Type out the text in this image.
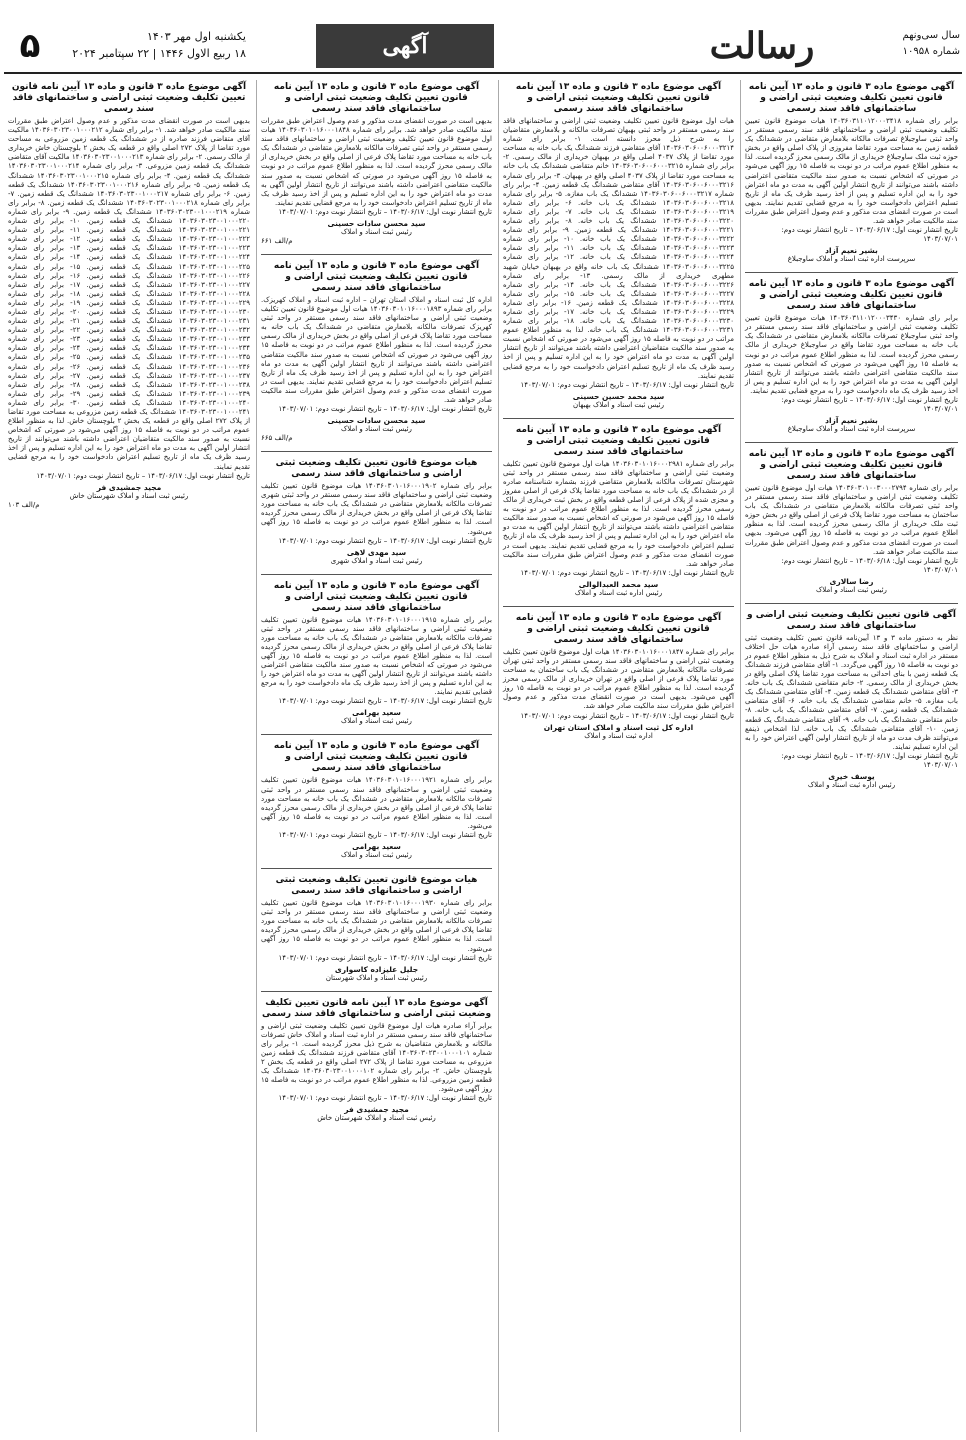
۵	یکشنبه اول مهر ۱۴۰۳
۱۸ ربیع الاول ۱۴۴۶ | ۲۲ سپتامبر ۲۰۲۴	آگهی	رسالت	سال سی‌ونهم
شماره ۱۰۹۵۸
آگهی موضوع ماده ۳ قانون و ماده ۱۳ آیین نامه قانون تعیین تکلیف وضعیت ثبتی اراضی و ساختمانهای فاقد سند رسمی

برابر رای شماره ۱۴۰۳۶۰۳۱۱۰۱۲۰۰۰۳۴۱۸ هیات موضوع قانون تعیین تکلیف وضعیت ثبتی اراضی و ساختمانهای فاقد سند رسمی مستقر در واحد ثبتی ساوجبلاغ تصرفات مالکانه بلامعارض متقاضی در ششدانگ یک قطعه زمین به مساحت مورد تقاضا مفروزی از پلاک اصلی واقع در بخش حوزه ثبت ملک ساوجبلاغ خریداری از مالک رسمی محرز گردیده است. لذا به منظور اطلاع عموم مراتب در دو نوبت به فاصله ۱۵ روز آگهی می‌شود در صورتی که اشخاص نسبت به صدور سند مالکیت متقاضی اعتراضی داشته باشند می‌توانند از تاریخ انتشار اولین آگهی به مدت دو ماه اعتراض خود را به این اداره تسلیم و پس از اخذ رسید ظرف یک ماه از تاریخ تسلیم اعتراض دادخواست خود را به مرجع قضایی تقدیم نمایند. بدیهی است در صورت انقضای مدت مذکور و عدم وصول اعتراض طبق مقررات سند مالکیت صادر خواهد شد.

تاریخ انتشار نوبت اول: ۱۴۰۳/۰۶/۱۷ – تاریخ انتشار نوبت دوم: ۱۴۰۳/۰۷/۰۱
بشیر نعیم آزاد
سرپرست اداره ثبت اسناد و املاک ساوجبلاغ
آگهی موضوع ماده ۳ قانون و ماده ۱۳ آیین نامه قانون تعیین تکلیف وضعیت ثبتی اراضی و ساختمانهای فاقد سند رسمی

برابر رای شماره ۱۴۰۳۶۰۳۱۱۰۱۲۰۰۰۳۴۳۰ هیات موضوع قانون تعیین تکلیف وضعیت ثبتی اراضی و ساختمانهای فاقد سند رسمی مستقر در واحد ثبتی ساوجبلاغ تصرفات مالکانه بلامعارض متقاضی در ششدانگ یک باب خانه به مساحت مورد تقاضا واقع در ساوجبلاغ خریداری از مالک رسمی محرز گردیده است. لذا به منظور اطلاع عموم مراتب در دو نوبت به فاصله ۱۵ روز آگهی می‌شود در صورتی که اشخاص نسبت به صدور سند مالکیت متقاضی اعتراضی داشته باشند می‌توانند از تاریخ انتشار اولین آگهی به مدت دو ماه اعتراض خود را به این اداره تسلیم و پس از اخذ رسید ظرف یک ماه دادخواست خود را به مرجع قضایی تقدیم نمایند.

تاریخ انتشار نوبت اول: ۱۴۰۳/۰۶/۱۷ – تاریخ انتشار نوبت دوم: ۱۴۰۳/۰۷/۰۱
بشیر نعیم آزاد
سرپرست اداره ثبت اسناد و املاک ساوجبلاغ
آگهی موضوع ماده ۳ قانون و ماده ۱۳ آیین نامه قانون تعیین تکلیف وضعیت ثبتی اراضی و ساختمانهای فاقد سند رسمی

برابر رای شماره ۱۴۰۳۶۰۳۰۱۰۰۳۰۰۰۲۷۹۴ هیات اول موضوع قانون تعیین تکلیف وضعیت ثبتی اراضی و ساختمانهای فاقد سند رسمی مستقر در واحد ثبتی تصرفات مالکانه بلامعارض متقاضی در ششدانگ یک باب ساختمان به مساحت مورد تقاضا پلاک فرعی از اصلی واقع در بخش حوزه ثبت ملک خریداری از مالک رسمی محرز گردیده است. لذا به منظور اطلاع عموم مراتب در دو نوبت به فاصله ۱۵ روز آگهی می‌شود. بدیهی است در صورت انقضای مدت مذکور و عدم وصول اعتراض طبق مقررات سند مالکیت صادر خواهد شد.

تاریخ انتشار نوبت اول: ۱۴۰۳/۰۶/۱۸ – تاریخ انتشار نوبت دوم: ۱۴۰۳/۰۷/۰۱
رضا سالاری
رئیس ثبت اسناد و املاک
آگهی قانون تعیین تکلیف وضعیت ثبتی اراضی و ساختمانهای فاقد سند رسمی

نظر به دستور ماده ۳ و ۱۳ آیین‌نامه قانون تعیین تکلیف وضعیت ثبتی اراضی و ساختمانهای فاقد سند رسمی آراء صادره هیات حل اختلاف مستقر در اداره ثبت اسناد و املاک به شرح ذیل به منظور اطلاع عموم در دو نوبت به فاصله ۱۵ روز آگهی می‌گردد. ۱- آقای متقاضی فرزند ششدانگ یک قطعه زمین با بنای احداثی به مساحت مورد تقاضا پلاک اصلی واقع در بخش خریداری از مالک رسمی. ۲- خانم متقاضی ششدانگ یک باب خانه. ۳- آقای متقاضی ششدانگ یک قطعه زمین. ۴- آقای متقاضی ششدانگ یک باب مغازه. ۵- خانم متقاضی ششدانگ یک باب خانه. ۶- آقای متقاضی ششدانگ یک قطعه زمین. ۷- آقای متقاضی ششدانگ یک باب خانه. ۸- خانم متقاضی ششدانگ یک باب خانه. ۹- آقای متقاضی ششدانگ یک قطعه زمین. ۱۰- آقای متقاضی ششدانگ یک باب خانه. لذا اشخاص ذینفع می‌توانند ظرف مدت دو ماه از تاریخ انتشار اولین آگهی اعتراض خود را به این اداره تسلیم نمایند.

تاریخ انتشار نوبت اول: ۱۴۰۳/۰۶/۱۷ – تاریخ انتشار نوبت دوم: ۱۴۰۳/۰۷/۰۱
یوسف خیری
رئیس اداره ثبت اسناد و املاک
آگهی موضوع ماده ۳ قانون و ماده ۱۳ آیین نامه قانون تعیین تکلیف وضعیت ثبتی اراضی و ساختمانهای فاقد سند رسمی

هیات اول موضوع قانون تعیین تکلیف وضعیت ثبتی اراضی و ساختمانهای فاقد سند رسمی مستقر در واحد ثبتی بهبهان تصرفات مالکانه و بلامعارض متقاضیان را به شرح ذیل محرز دانسته است. ۱- برابر رای شماره ۱۴۰۳۶۰۳۰۶۰۰۶۰۰۰۳۲۱۴ آقای متقاضی فرزند ششدانگ یک باب خانه به مساحت مورد تقاضا از پلاک ۴۰۳۷ اصلی واقع در بهبهان خریداری از مالک رسمی. ۲- برابر رای شماره ۱۴۰۳۶۰۳۰۶۰۰۶۰۰۰۳۲۱۵ خانم متقاضی ششدانگ یک باب خانه به مساحت مورد تقاضا از پلاک ۴۰۳۷ اصلی واقع در بهبهان. ۳- برابر رای شماره ۱۴۰۳۶۰۳۰۶۰۰۶۰۰۰۳۲۱۶ آقای متقاضی ششدانگ یک قطعه زمین. ۴- برابر رای شماره ۱۴۰۳۶۰۳۰۶۰۰۶۰۰۰۳۲۱۷ ششدانگ یک باب مغازه. ۵- برابر رای شماره ۱۴۰۳۶۰۳۰۶۰۰۶۰۰۰۳۲۱۸ ششدانگ یک باب خانه. ۶- برابر رای شماره ۱۴۰۳۶۰۳۰۶۰۰۶۰۰۰۳۲۱۹ ششدانگ یک باب خانه. ۷- برابر رای شماره ۱۴۰۳۶۰۳۰۶۰۰۶۰۰۰۳۲۲۰ ششدانگ یک باب خانه. ۸- برابر رای شماره ۱۴۰۳۶۰۳۰۶۰۰۶۰۰۰۳۲۲۱ ششدانگ یک قطعه زمین. ۹- برابر رای شماره ۱۴۰۳۶۰۳۰۶۰۰۶۰۰۰۳۲۲۲ ششدانگ یک باب خانه. ۱۰- برابر رای شماره ۱۴۰۳۶۰۳۰۶۰۰۶۰۰۰۳۲۲۳ ششدانگ یک باب خانه. ۱۱- برابر رای شماره ۱۴۰۳۶۰۳۰۶۰۰۶۰۰۰۳۲۲۴ ششدانگ یک باب خانه. ۱۲- برابر رای شماره ۱۴۰۳۶۰۳۰۶۰۰۶۰۰۰۳۲۲۵ ششدانگ یک باب خانه واقع در بهبهان خیابان شهید مطهری خریداری از مالک رسمی. ۱۳- برابر رای شماره ۱۴۰۳۶۰۳۰۶۰۰۶۰۰۰۳۲۲۶ ششدانگ یک باب خانه. ۱۴- برابر رای شماره ۱۴۰۳۶۰۳۰۶۰۰۶۰۰۰۳۲۲۷ ششدانگ یک باب خانه. ۱۵- برابر رای شماره ۱۴۰۳۶۰۳۰۶۰۰۶۰۰۰۳۲۲۸ ششدانگ یک قطعه زمین. ۱۶- برابر رای شماره ۱۴۰۳۶۰۳۰۶۰۰۶۰۰۰۳۲۲۹ ششدانگ یک باب خانه. ۱۷- برابر رای شماره ۱۴۰۳۶۰۳۰۶۰۰۶۰۰۰۳۲۳۰ ششدانگ یک باب خانه. ۱۸- برابر رای شماره ۱۴۰۳۶۰۳۰۶۰۰۶۰۰۰۳۲۳۱ ششدانگ یک باب خانه. لذا به منظور اطلاع عموم مراتب در دو نوبت به فاصله ۱۵ روز آگهی می‌شود در صورتی که اشخاص نسبت به صدور سند مالکیت متقاضیان اعتراضی داشته باشند می‌توانند از تاریخ انتشار اولین آگهی به مدت دو ماه اعتراض خود را به این اداره تسلیم و پس از اخذ رسید ظرف یک ماه از تاریخ تسلیم اعتراض دادخواست خود را به مرجع قضایی تقدیم نمایند.

تاریخ انتشار نوبت اول: ۱۴۰۳/۰۶/۱۷ – تاریخ انتشار نوبت دوم: ۱۴۰۳/۰۷/۰۱
سید محمد حسین حسینی
رئیس ثبت اسناد و املاک بهبهان
آگهی موضوع ماده ۳ قانون و ماده ۱۳ آیین نامه قانون تعیین تکلیف وضعیت ثبتی اراضی و ساختمانهای فاقد سند رسمی

برابر رای شماره ۱۴۰۳۶۰۳۰۱۰۱۶۰۰۰۲۹۸۱ هیات اول موضوع قانون تعیین تکلیف وضعیت ثبتی اراضی و ساختمانهای فاقد سند رسمی مستقر در واحد ثبتی شهرستان تصرفات مالکانه بلامعارض متقاضی فرزند بشماره شناسنامه صادره از در ششدانگ یک باب خانه به مساحت مورد تقاضا پلاک فرعی از اصلی مفروز و مجزی شده از پلاک فرعی از اصلی قطعه واقع در بخش ثبت خریداری از مالک رسمی محرز گردیده است. لذا به منظور اطلاع عموم مراتب در دو نوبت به فاصله ۱۵ روز آگهی می‌شود در صورتی که اشخاص نسبت به صدور سند مالکیت متقاضی اعتراضی داشته باشند می‌توانند از تاریخ انتشار اولین آگهی به مدت دو ماه اعتراض خود را به این اداره تسلیم و پس از اخذ رسید ظرف یک ماه از تاریخ تسلیم اعتراض دادخواست خود را به مرجع قضایی تقدیم نمایند. بدیهی است در صورت انقضای مدت مذکور و عدم وصول اعتراض طبق مقررات سند مالکیت صادر خواهد شد.

تاریخ انتشار نوبت اول: ۱۴۰۳/۰۶/۱۷ – تاریخ انتشار نوبت دوم: ۱۴۰۳/۰۷/۰۱
سید محمد العبدالوالی
رئیس اداره ثبت اسناد و املاک
آگهی موضوع ماده ۳ قانون و ماده ۱۳ آیین نامه قانون تعیین تکلیف وضعیت ثبتی اراضی و ساختمانهای فاقد سند رسمی

برابر رای شماره ۱۴۰۳۶۰۳۰۱۰۱۶۰۰۰۱۸۴۷ هیات اول موضوع قانون تعیین تکلیف وضعیت ثبتی اراضی و ساختمانهای فاقد سند رسمی مستقر در واحد ثبتی تهران تصرفات مالکانه بلامعارض متقاضی در ششدانگ یک باب ساختمان به مساحت مورد تقاضا پلاک فرعی از اصلی واقع در تهران خریداری از مالک رسمی محرز گردیده است. لذا به منظور اطلاع عموم مراتب در دو نوبت به فاصله ۱۵ روز آگهی می‌شود. بدیهی است در صورت انقضای مدت مذکور و عدم وصول اعتراض طبق مقررات سند مالکیت صادر خواهد شد.

تاریخ انتشار نوبت اول: ۱۴۰۳/۰۶/۱۷ – تاریخ انتشار نوبت دوم: ۱۴۰۳/۰۷/۰۱
اداره کل ثبت اسناد و املاک استان تهران
اداره ثبت اسناد و املاک
آگهی موضوع ماده ۳ قانون و ماده ۱۳ آیین نامه قانون تعیین تکلیف وضعیت ثبتی اراضی و ساختمانهای فاقد سند رسمی

بدیهی است در صورت انقضای مدت مذکور و عدم وصول اعتراض طبق مقررات سند مالکیت صادر خواهد شد. برابر رای شماره ۱۴۰۳۶۰۳۰۱۰۱۶۰۰۰۱۸۴۸ هیات اول موضوع قانون تعیین تکلیف وضعیت ثبتی اراضی و ساختمانهای فاقد سند رسمی مستقر در واحد ثبتی تصرفات مالکانه بلامعارض متقاضی در ششدانگ یک باب خانه به مساحت مورد تقاضا پلاک فرعی از اصلی واقع در بخش خریداری از مالک رسمی محرز گردیده است. لذا به منظور اطلاع عموم مراتب در دو نوبت به فاصله ۱۵ روز آگهی می‌شود در صورتی که اشخاص نسبت به صدور سند مالکیت متقاضی اعتراضی داشته باشند می‌توانند از تاریخ انتشار اولین آگهی به مدت دو ماه اعتراض خود را به این اداره تسلیم و پس از اخذ رسید ظرف یک ماه از تاریخ تسلیم اعتراض دادخواست خود را به مرجع قضایی تقدیم نمایند.

تاریخ انتشار نوبت اول: ۱۴۰۳/۰۶/۱۷ – تاریخ انتشار نوبت دوم: ۱۴۰۳/۰۷/۰۱
سید محسن سادات حسینی
رئیس ثبت اسناد و املاک
م/الف ۶۶۱
آگهی موضوع ماده ۳ قانون و ماده ۱۳ آیین نامه قانون تعیین تکلیف وضعیت ثبتی اراضی و ساختمانهای فاقد سند رسمی

اداره کل ثبت اسناد و املاک استان تهران – اداره ثبت اسناد و املاک کهریزک. برابر رای شماره ۱۴۰۳۶۰۳۰۱۰۱۶۰۰۰۱۸۹۳ هیات اول موضوع قانون تعیین تکلیف وضعیت ثبتی اراضی و ساختمانهای فاقد سند رسمی مستقر در واحد ثبتی کهریزک تصرفات مالکانه بلامعارض متقاضی در ششدانگ یک باب خانه به مساحت مورد تقاضا پلاک فرعی از اصلی واقع در بخش خریداری از مالک رسمی محرز گردیده است. لذا به منظور اطلاع عموم مراتب در دو نوبت به فاصله ۱۵ روز آگهی می‌شود در صورتی که اشخاص نسبت به صدور سند مالکیت متقاضی اعتراضی داشته باشند می‌توانند از تاریخ انتشار اولین آگهی به مدت دو ماه اعتراض خود را به این اداره تسلیم و پس از اخذ رسید ظرف یک ماه از تاریخ تسلیم اعتراض دادخواست خود را به مرجع قضایی تقدیم نمایند. بدیهی است در صورت انقضای مدت مذکور و عدم وصول اعتراض طبق مقررات سند مالکیت صادر خواهد شد.

تاریخ انتشار نوبت اول: ۱۴۰۳/۰۶/۱۷ – تاریخ انتشار نوبت دوم: ۱۴۰۳/۰۷/۰۱
سید محسن سادات حسینی
رئیس ثبت اسناد و املاک
م/الف ۶۶۵
هیات موضوع قانون تعیین تکلیف وضعیت ثبتی اراضی و ساختمانهای فاقد سند رسمی

برابر رای شماره ۱۴۰۳۶۰۳۰۱۰۱۶۰۰۰۱۹۰۲ هیات موضوع قانون تعیین تکلیف وضعیت ثبتی اراضی و ساختمانهای فاقد سند رسمی مستقر در واحد ثبتی شهری تصرفات مالکانه بلامعارض متقاضی در ششدانگ یک باب خانه به مساحت مورد تقاضا پلاک فرعی از اصلی واقع در بخش خریداری از مالک رسمی محرز گردیده است. لذا به منظور اطلاع عموم مراتب در دو نوبت به فاصله ۱۵ روز آگهی می‌شود.

تاریخ انتشار نوبت اول: ۱۴۰۳/۰۶/۱۷ – تاریخ انتشار نوبت دوم: ۱۴۰۳/۰۷/۰۱
سید مهدی لاهی
رئیس ثبت اسناد و املاک شهری
آگهی موضوع ماده ۳ قانون و ماده ۱۳ آیین نامه قانون تعیین تکلیف وضعیت ثبتی اراضی و ساختمانهای فاقد سند رسمی

برابر رای شماره ۱۴۰۳۶۰۳۰۱۰۱۶۰۰۰۱۹۱۵ هیات موضوع قانون تعیین تکلیف وضعیت ثبتی اراضی و ساختمانهای فاقد سند رسمی مستقر در واحد ثبتی تصرفات مالکانه بلامعارض متقاضی در ششدانگ یک باب خانه به مساحت مورد تقاضا پلاک فرعی از اصلی واقع در بخش خریداری از مالک رسمی محرز گردیده است. لذا به منظور اطلاع عموم مراتب در دو نوبت به فاصله ۱۵ روز آگهی می‌شود در صورتی که اشخاص نسبت به صدور سند مالکیت متقاضی اعتراضی داشته باشند می‌توانند از تاریخ انتشار اولین آگهی به مدت دو ماه اعتراض خود را به این اداره تسلیم و پس از اخذ رسید ظرف یک ماه دادخواست خود را به مرجع قضایی تقدیم نمایند.

تاریخ انتشار نوبت اول: ۱۴۰۳/۰۶/۱۷ – تاریخ انتشار نوبت دوم: ۱۴۰۳/۰۷/۰۱
سعید بهرامی
رئیس ثبت اسناد و املاک
آگهی موضوع ماده ۳ قانون و ماده ۱۳ آیین نامه قانون تعیین تکلیف وضعیت ثبتی اراضی و ساختمانهای فاقد سند رسمی

برابر رای شماره ۱۴۰۳۶۰۳۰۱۰۱۶۰۰۰۱۹۲۱ هیات موضوع قانون تعیین تکلیف وضعیت ثبتی اراضی و ساختمانهای فاقد سند رسمی مستقر در واحد ثبتی تصرفات مالکانه بلامعارض متقاضی در ششدانگ یک باب خانه به مساحت مورد تقاضا پلاک فرعی از اصلی واقع در بخش خریداری از مالک رسمی محرز گردیده است. لذا به منظور اطلاع عموم مراتب در دو نوبت به فاصله ۱۵ روز آگهی می‌شود.

تاریخ انتشار نوبت اول: ۱۴۰۳/۰۶/۱۷ – تاریخ انتشار نوبت دوم: ۱۴۰۳/۰۷/۰۱
سعید بهرامی
رئیس ثبت اسناد و املاک
هیات موضوع قانون تعیین تکلیف وضعیت ثبتی اراضی و ساختمانهای فاقد سند رسمی

برابر رای شماره ۱۴۰۳۶۰۳۰۱۰۱۶۰۰۰۱۹۳۰ هیات موضوع قانون تعیین تکلیف وضعیت ثبتی اراضی و ساختمانهای فاقد سند رسمی مستقر در واحد ثبتی تصرفات مالکانه بلامعارض متقاضی در ششدانگ یک باب خانه به مساحت مورد تقاضا پلاک فرعی از اصلی واقع در بخش خریداری از مالک رسمی محرز گردیده است. لذا به منظور اطلاع عموم مراتب در دو نوبت به فاصله ۱۵ روز آگهی می‌شود.

تاریخ انتشار نوبت اول: ۱۴۰۳/۰۶/۱۷ – تاریخ انتشار نوبت دوم: ۱۴۰۳/۰۷/۰۱
جلیل علیزاده کاسواری
رئیس ثبت اسناد و املاک شهرستان
آگهی موضوع ماده ۱۳ آیین نامه قانون تعیین تکلیف وضعیت ثبتی اراضی و ساختمانهای فاقد سند رسمی

برابر آراء صادره هیات اول موضوع قانون تعیین تکلیف وضعیت ثبتی اراضی و ساختمانهای فاقد سند رسمی مستقر در اداره ثبت اسناد و املاک خاش تصرفات مالکانه و بلامعارض متقاضیان به شرح ذیل محرز گردیده است. ۱- برابر رای شماره ۱۴۰۳۶۰۳۰۲۳۰۰۱۰۰۰۱۰۱ آقای متقاضی فرزند ششدانگ یک قطعه زمین مزروعی به مساحت مورد تقاضا از پلاک ۲۷۲ اصلی واقع در قطعه یک بخش ۲ بلوچستان خاش. ۲- برابر رای شماره ۱۴۰۳۶۰۳۰۲۳۰۰۱۰۰۰۱۰۲ ششدانگ یک قطعه زمین مزروعی. لذا به منظور اطلاع عموم مراتب در دو نوبت به فاصله ۱۵ روز آگهی می‌شود.

تاریخ انتشار نوبت اول: ۱۴۰۳/۰۶/۱۷ – تاریخ انتشار نوبت دوم: ۱۴۰۳/۰۷/۰۱
مجید جمشیدی فر
رئیس ثبت اسناد و املاک شهرستان خاش
آگهی موضوع ماده ۳ قانون و ماده ۱۳ آیین نامه قانون تعیین تکلیف وضعیت ثبتی اراضی و ساختمانهای فاقد سند رسمی

بدیهی است در صورت انقضای مدت مذکور و عدم وصول اعتراض طبق مقررات سند مالکیت صادر خواهد شد. ۱- برابر رای شماره ۱۴۰۳۶۰۳۰۲۳۰۰۱۰۰۰۲۱۲ مالکیت آقای متقاضی فرزند صادره از در ششدانگ یک قطعه زمین مزروعی به مساحت مورد تقاضا از پلاک ۲۷۲ اصلی واقع در قطعه یک بخش ۲ بلوچستان خاش خریداری از مالک رسمی. ۲- برابر رای شماره ۱۴۰۳۶۰۳۰۲۳۰۰۱۰۰۰۲۱۳ مالکیت آقای متقاضی ششدانگ یک قطعه زمین مزروعی. ۳- برابر رای شماره ۱۴۰۳۶۰۳۰۲۳۰۰۱۰۰۰۲۱۴ ششدانگ یک قطعه زمین. ۴- برابر رای شماره ۱۴۰۳۶۰۳۰۲۳۰۰۱۰۰۰۲۱۵ ششدانگ یک قطعه زمین. ۵- برابر رای شماره ۱۴۰۳۶۰۳۰۲۳۰۰۱۰۰۰۲۱۶ ششدانگ یک قطعه زمین. ۶- برابر رای شماره ۱۴۰۳۶۰۳۰۲۳۰۰۱۰۰۰۲۱۷ ششدانگ یک قطعه زمین. ۷- برابر رای شماره ۱۴۰۳۶۰۳۰۲۳۰۰۱۰۰۰۲۱۸ ششدانگ یک قطعه زمین. ۸- برابر رای شماره ۱۴۰۳۶۰۳۰۲۳۰۰۱۰۰۰۲۱۹ ششدانگ یک قطعه زمین. ۹- برابر رای شماره ۱۴۰۳۶۰۳۰۲۳۰۰۱۰۰۰۲۲۰ ششدانگ یک قطعه زمین. ۱۰- برابر رای شماره ۱۴۰۳۶۰۳۰۲۳۰۰۱۰۰۰۲۲۱ ششدانگ یک قطعه زمین. ۱۱- برابر رای شماره ۱۴۰۳۶۰۳۰۲۳۰۰۱۰۰۰۲۲۲ ششدانگ یک قطعه زمین. ۱۲- برابر رای شماره ۱۴۰۳۶۰۳۰۲۳۰۰۱۰۰۰۲۲۳ ششدانگ یک قطعه زمین. ۱۳- برابر رای شماره ۱۴۰۳۶۰۳۰۲۳۰۰۱۰۰۰۲۲۴ ششدانگ یک قطعه زمین. ۱۴- برابر رای شماره ۱۴۰۳۶۰۳۰۲۳۰۰۱۰۰۰۲۲۵ ششدانگ یک قطعه زمین. ۱۵- برابر رای شماره ۱۴۰۳۶۰۳۰۲۳۰۰۱۰۰۰۲۲۶ ششدانگ یک قطعه زمین. ۱۶- برابر رای شماره ۱۴۰۳۶۰۳۰۲۳۰۰۱۰۰۰۲۲۷ ششدانگ یک قطعه زمین. ۱۷- برابر رای شماره ۱۴۰۳۶۰۳۰۲۳۰۰۱۰۰۰۲۲۸ ششدانگ یک قطعه زمین. ۱۸- برابر رای شماره ۱۴۰۳۶۰۳۰۲۳۰۰۱۰۰۰۲۲۹ ششدانگ یک قطعه زمین. ۱۹- برابر رای شماره ۱۴۰۳۶۰۳۰۲۳۰۰۱۰۰۰۲۳۰ ششدانگ یک قطعه زمین. ۲۰- برابر رای شماره ۱۴۰۳۶۰۳۰۲۳۰۰۱۰۰۰۲۳۱ ششدانگ یک قطعه زمین. ۲۱- برابر رای شماره ۱۴۰۳۶۰۳۰۲۳۰۰۱۰۰۰۲۳۲ ششدانگ یک قطعه زمین. ۲۲- برابر رای شماره ۱۴۰۳۶۰۳۰۲۳۰۰۱۰۰۰۲۳۳ ششدانگ یک قطعه زمین. ۲۳- برابر رای شماره ۱۴۰۳۶۰۳۰۲۳۰۰۱۰۰۰۲۳۴ ششدانگ یک قطعه زمین. ۲۴- برابر رای شماره ۱۴۰۳۶۰۳۰۲۳۰۰۱۰۰۰۲۳۵ ششدانگ یک قطعه زمین. ۲۵- برابر رای شماره ۱۴۰۳۶۰۳۰۲۳۰۰۱۰۰۰۲۳۶ ششدانگ یک قطعه زمین. ۲۶- برابر رای شماره ۱۴۰۳۶۰۳۰۲۳۰۰۱۰۰۰۲۳۷ ششدانگ یک قطعه زمین. ۲۷- برابر رای شماره ۱۴۰۳۶۰۳۰۲۳۰۰۱۰۰۰۲۳۸ ششدانگ یک قطعه زمین. ۲۸- برابر رای شماره ۱۴۰۳۶۰۳۰۲۳۰۰۱۰۰۰۲۳۹ ششدانگ یک قطعه زمین. ۲۹- برابر رای شماره ۱۴۰۳۶۰۳۰۲۳۰۰۱۰۰۰۲۴۰ ششدانگ یک قطعه زمین. ۳۰- برابر رای شماره ۱۴۰۳۶۰۳۰۲۳۰۰۱۰۰۰۲۴۱ ششدانگ یک قطعه زمین مزروعی به مساحت مورد تقاضا از پلاک ۲۷۲ اصلی واقع در قطعه یک بخش ۲ بلوچستان خاش. لذا به منظور اطلاع عموم مراتب در دو نوبت به فاصله ۱۵ روز آگهی می‌شود در صورتی که اشخاص نسبت به صدور سند مالکیت متقاضیان اعتراضی داشته باشند می‌توانند از تاریخ انتشار اولین آگهی به مدت دو ماه اعتراض خود را به این اداره تسلیم و پس از اخذ رسید ظرف یک ماه از تاریخ تسلیم اعتراض دادخواست خود را به مرجع قضایی تقدیم نمایند.

تاریخ انتشار نوبت اول: ۱۴۰۳/۰۶/۱۷ – تاریخ انتشار نوبت دوم: ۱۴۰۳/۰۷/۰۱
مجید جمشیدی فر
رئیس ثبت اسناد و املاک شهرستان خاش
م/الف ۱۰۳
